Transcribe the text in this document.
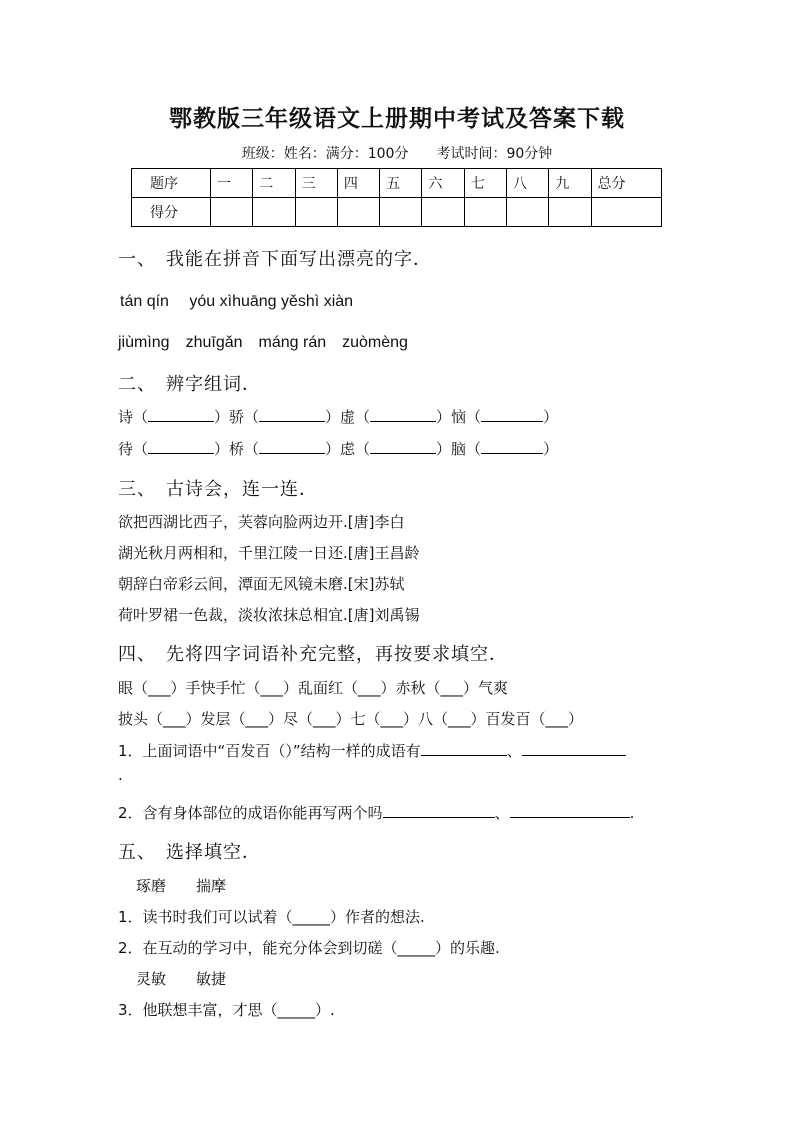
鄂教版三年级语文上册期中考试及答案下载
班级：姓名：满分：100分　　考试时间：90分钟
题序	一	二	三	四	五	六	七	八	九	总分
得分										
一、　我能在拼音下面写出漂亮的字．
tán qín　 yóu xìhuāng yěshì xiàn
jiùmìng　zhuīgǎn　máng rán　zuòmèng
二、　辨字组词．
诗（	）骄（	）虚（	）恼（	）
待（	）桥（	）虑（	）脑（	）
三、　古诗会，连一连．
欲把西湖比西子，芙蓉向脸两边开.[唐]李白
湖光秋月两相和，千里江陵一日还.[唐]王昌龄
朝辞白帝彩云间，潭面无风镜未磨.[宋]苏轼
荷叶罗裙一色裁，淡妆浓抹总相宜.[唐]刘禹锡
四、　先将四字词语补充完整，再按要求填空．
眼（___）手快手忙（___）乱面红（___）赤秋（___）气爽
披头（___）发层（___）尽（___）七（___）八（___）百发百（___）
1．上面词语中“百发百（）”结构一样的成语有	、
.
2．含有身体部位的成语你能再写两个吗	、	.
五、　选择填空．
琢磨　　揣摩
1．读书时我们可以试着（_____）作者的想法.
2．在互动的学习中，能充分体会到切磋（_____）的乐趣.
灵敏　　敏捷
3．他联想丰富，才思（_____）.
